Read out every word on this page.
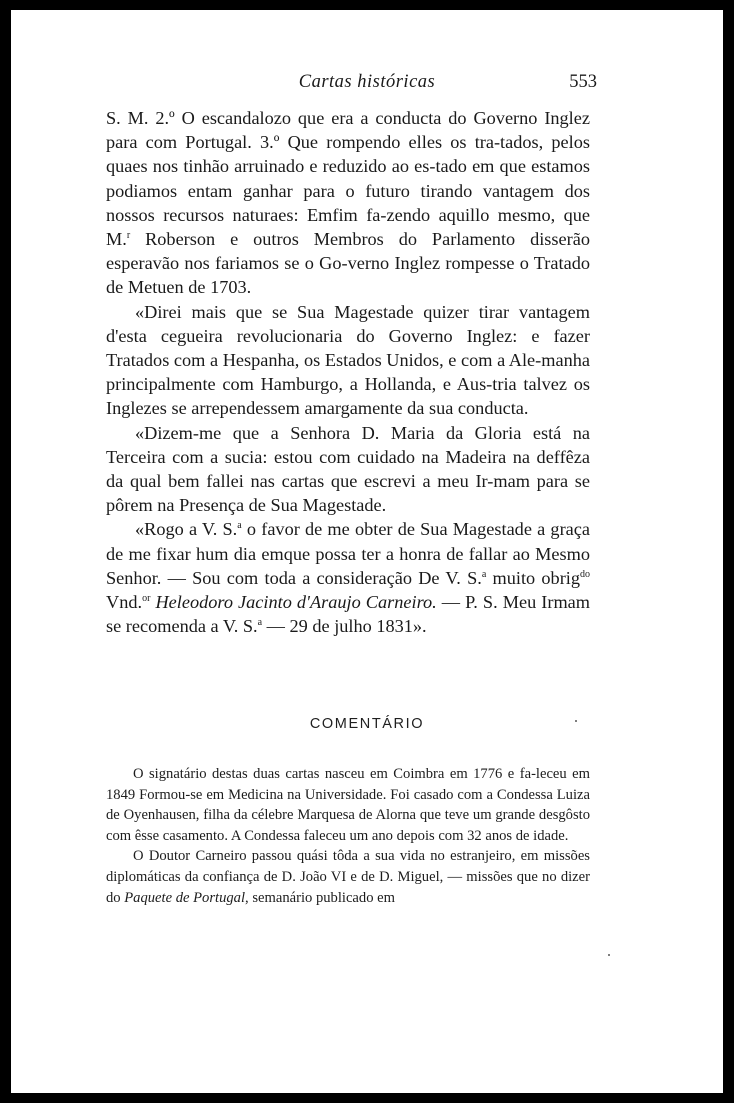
Cartas históricas	553

S. M. 2.º O escandalozo que era a conducta do Governo Inglez para com Portugal. 3.º Que rompendo elles os tra-tados, pelos quaes nos tinhão arruinado e reduzido ao es-tado em que estamos podiamos entam ganhar para o futuro tirando vantagem dos nossos recursos naturaes: Emfim fa-zendo aquillo mesmo, que M.$^r$ Roberson e outros Membros do Parlamento disserão esperavão nos fariamos se o Go-verno Inglez rompesse o Tratado de Metuen de 1703.

«Direi mais que se Sua Magestade quizer tirar vantagem d'esta cegueira revolucionaria do Governo Inglez: e fazer Tratados com a Hespanha, os Estados Unidos, e com a Ale-manha principalmente com Hamburgo, a Hollanda, e Aus-tria talvez os Inglezes se arrependessem amargamente da sua conducta.

«Dizem-me que a Senhora D. Maria da Gloria está na Terceira com a sucia: estou com cuidado na Madeira na deffêza da qual bem fallei nas cartas que escrevi a meu Ir-mam para se pôrem na Presença de Sua Magestade.

«Rogo a V. S.$^a$ o favor de me obter de Sua Magestade a graça de me fixar hum dia emque possa ter a honra de fallar ao Mesmo Senhor. — Sou com toda a consideração De V. S.$^a$ muito obrig$^{do}$ Vnd.$^{or}$ Heleodoro Jacinto d'Araujo Carneiro. — P. S. Meu Irmam se recomenda a V. S.$^a$ — 29 de julho 1831».

COMENTÁRIO

O signatário destas duas cartas nasceu em Coimbra em 1776 e fa-leceu em 1849 Formou-se em Medicina na Universidade. Foi casado com a Condessa Luiza de Oyenhausen, filha da célebre Marquesa de Alorna que teve um grande desgôsto com êsse casamento. A Condessa faleceu um ano depois com 32 anos de idade.

O Doutor Carneiro passou quási tôda a sua vida no estranjeiro, em missões diplomáticas da confiança de D. João VI e de D. Miguel, — missões que no dizer do Paquete de Portugal, semanário publicado em
